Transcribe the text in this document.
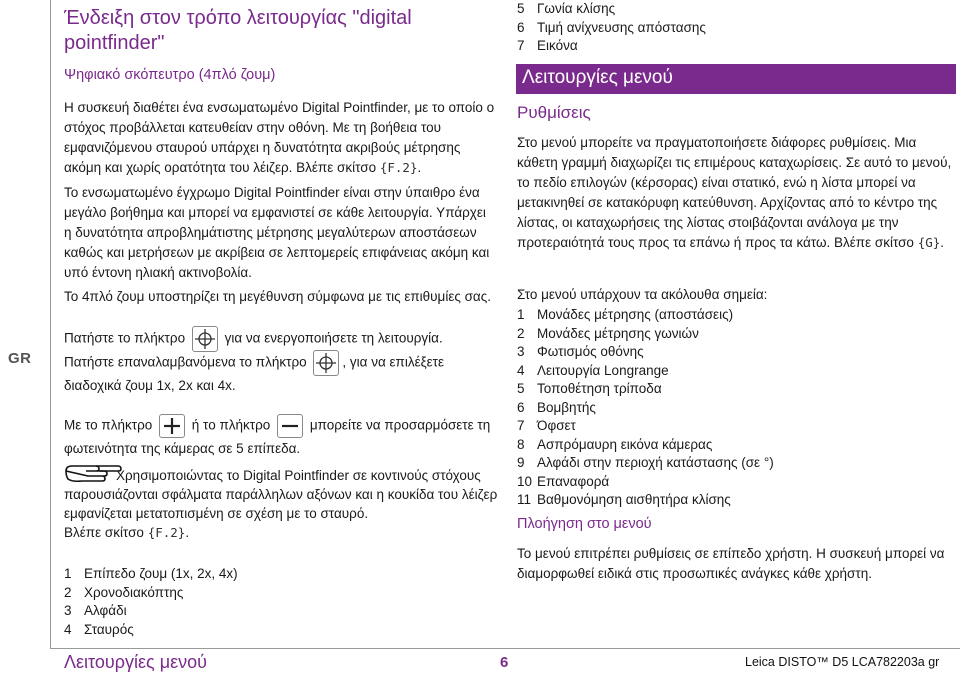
GR
Ένδειξη στον τρόπο λειτουργίας "digital pointfinder"
Ψηφιακό σκόπευτρο (4πλό ζουμ)
Η συσκευή διαθέτει ένα ενσωματωμένο Digital Pointfinder, με το οποίο ο στόχος προβάλλεται κατευθείαν στην οθόνη. Με τη βοήθεια του εμφανιζόμενου σταυρού υπάρχει η δυνατότητα ακριβούς μέτρησης ακόμη και χωρίς ορατότητα του λέιζερ. Βλέπε σκίτσο {F.2}.
Το ενσωματωμένο έγχρωμο Digital Pointfinder είναι στην ύπαιθρο ένα μεγάλο βοήθημα και μπορεί να εμφανιστεί σε κάθε λειτουργία. Υπάρχει η δυνατότητα απροβλημάτιστης μέτρησης μεγαλύτερων αποστάσεων καθώς και μετρήσεων με ακρίβεια σε λεπτομερείς επιφάνειας ακόμη και υπό έντονη ηλιακή ακτινοβολία.
Το 4πλό ζουμ υποστηρίζει τη μεγέθυνση σύμφωνα με τις επιθυμίες σας.
Πατήστε το πλήκτρο	για να ενεργοποιήσετε τη λειτουργία.
Πατήστε επαναλαμβανόμενα το πλήκτρο	, για να επιλέξετε διαδοχικά ζουμ 1x, 2x και 4x.
Με το πλήκτρο	ή το πλήκτρο	μπορείτε να προσαρμόσετε τη φωτεινότητα της κάμερας σε 5 επίπεδα.
Χρησιμοποιώντας το Digital Pointfinder σε κοντινούς στόχους παρουσιάζονται σφάλματα παράλληλων αξόνων και η κουκίδα του λέιζερ εμφανίζεται μετατοπισμένη σε σχέση με το σταυρό.
Βλέπε σκίτσο {F.2}.
1 Επίπεδο ζουμ (1x, 2x, 4x)
2 Χρονοδιακόπτης
3 Αλφάδι
4 Σταυρός
5 Γωνία κλίσης
6 Τιμή ανίχνευσης απόστασης
7 Εικόνα
Λειτουργίες μενού
Ρυθμίσεις
Στο μενού μπορείτε να πραγματοποιήσετε διάφορες ρυθμίσεις. Μια κάθετη γραμμή διαχωρίζει τις επιμέρους καταχωρίσεις. Σε αυτό το μενού, το πεδίο επιλογών (κέρσορας) είναι στατικό, ενώ η λίστα μπορεί να μετακινηθεί σε κατακόρυφη κατεύθυνση. Αρχίζοντας από το κέντρο της λίστας, οι καταχωρήσεις της λίστας στοιβάζονται ανάλογα με την προτεραιότητά τους προς τα επάνω ή προς τα κάτω. Βλέπε σκίτσο {G}.
Στο μενού υπάρχουν τα ακόλουθα σημεία:
1 Μονάδες μέτρησης (αποστάσεις)
2 Μονάδες μέτρησης γωνιών
3 Φωτισμός οθόνης
4 Λειτουργία Longrange
5 Τοποθέτηση τρίποδα
6 Βομβητής
7 Όφσετ
8 Ασπρόμαυρη εικόνα κάμερας
9 Αλφάδι στην περιοχή κατάστασης (σε °)
10 Επαναφορά
11 Βαθμονόμηση αισθητήρα κλίσης
Πλοήγηση στο μενού
Το μενού επιτρέπει ρυθμίσεις σε επίπεδο χρήστη. Η συσκευή μπορεί να διαμορφωθεί ειδικά στις προσωπικές ανάγκες κάθε χρήστη.
Λειτουργίες μενού	6	Leica DISTO™ D5 LCA782203a gr
